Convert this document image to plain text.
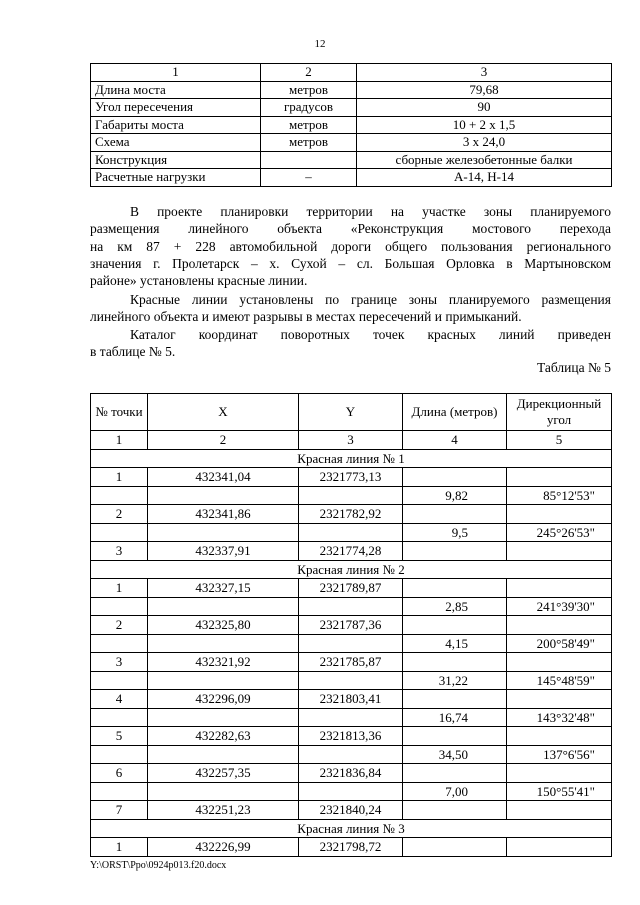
12
1	2	3
Длина моста	метров	79,68
Угол пересечения	градусов	90
Габариты моста	метров	10 + 2 х 1,5
Схема	метров	3 х 24,0
Конструкция		сборные железобетонные балки
Расчетные нагрузки	–	А-14, Н-14
В проекте планировки территории на участке зоны планируемого
размещения линейного объекта «Реконструкция мостового перехода
на км 87 + 228 автомобильной дороги общего пользования регионального
значения г. Пролетарск – х. Сухой – сл. Большая Орловка в Мартыновском
районе» установлены красные линии.
Красные линии установлены по границе зоны планируемого размещения
линейного объекта и имеют разрывы в местах пересечений и примыканий.
Каталог координат поворотных точек красных линий приведен
в таблице № 5.
Таблица № 5
№ точки	X	Y	Длина (метров)	Дирекционный угол
1	2	3	4	5
Красная линия № 1				
1	432341,04	2321773,13		
			9,82	85°12'53"
2	432341,86	2321782,92		
			9,5	245°26'53"
3	432337,91	2321774,28		
Красная линия № 2				
1	432327,15	2321789,87		
			2,85	241°39'30"
2	432325,80	2321787,36		
			4,15	200°58'49"
3	432321,92	2321785,87		
			31,22	145°48'59"
4	432296,09	2321803,41		
			16,74	143°32'48"
5	432282,63	2321813,36		
			34,50	137°6'56"
6	432257,35	2321836,84		
			7,00	150°55'41"
7	432251,23	2321840,24		
Красная линия № 3				
1	432226,99	2321798,72		
Y:\ORST\Ppo\0924p013.f20.docx
